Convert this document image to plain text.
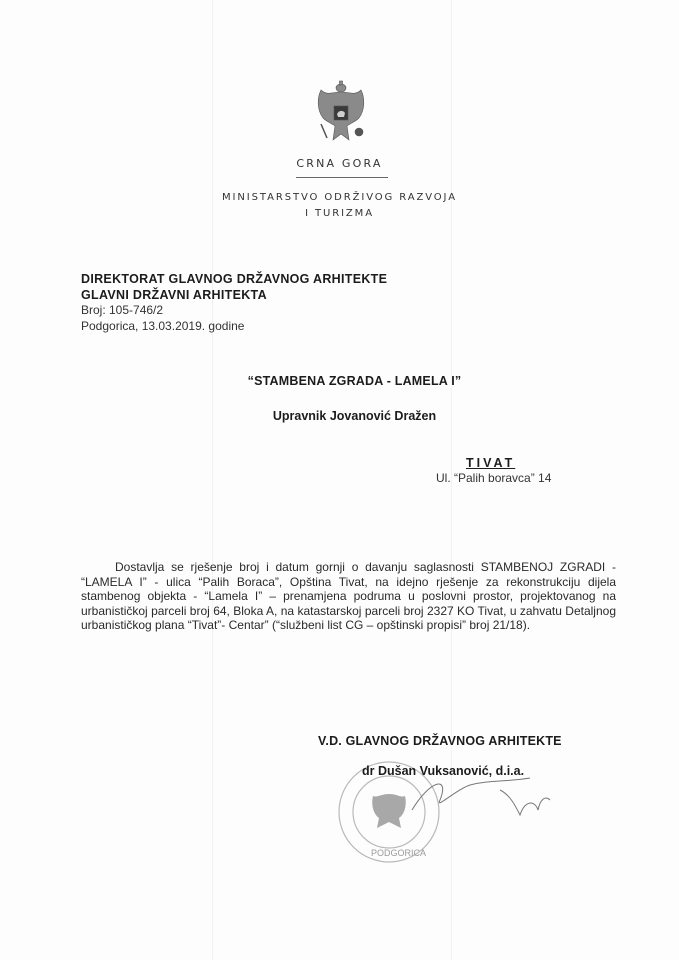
CRNA GORA
MINISTARSTVO ODRŽIVOG RAZVOJA
I TURIZMA
DIREKTORAT GLAVNOG DRŽAVNOG ARHITEKTE
GLAVNI DRŽAVNI ARHITEKTA
Broj: 105-746/2
Podgorica, 13.03.2019. godine
“STAMBENA ZGRADA - LAMELA I”
Upravnik Jovanović Dražen
TIVAT
Ul. “Palih boravca” 14

Dostavlja se rješenje broj i datum gornji o davanju saglasnosti STAMBENOJ ZGRADI - “LAMELA I” - ulica “Palih Boraca”, Opština Tivat, na idejno rješenje za rekonstrukciju dijela stambenog objekta - “Lamela I” – prenamjena podruma u poslovni prostor, projektovanog na urbanističkoj parceli broj 64, Bloka A, na katastarskoj parceli broj 2327 KO Tivat, u zahvatu Detaljnog urbanističkog plana “Tivat”- Centar” (“službeni list CG – opštinski propisi” broj 21/18).

PODGORICA
V.D. GLAVNOG DRŽAVNOG ARHITEKTE
dr Dušan Vuksanović, d.i.a.
